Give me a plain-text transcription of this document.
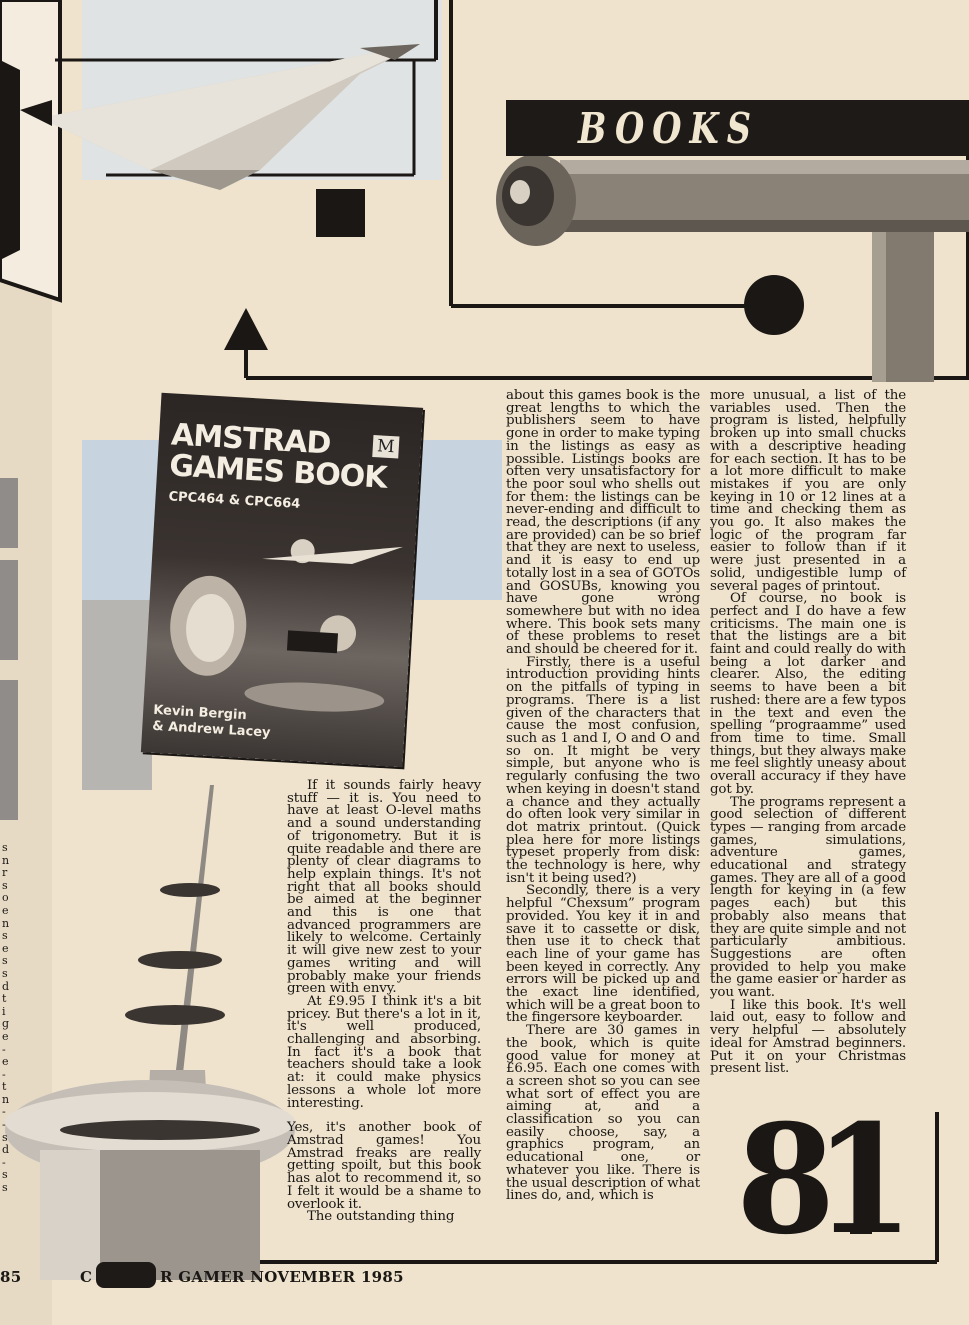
BOOKS
M
AMSTRAD
GAMES BOOK
CPC464 & CPC664
Kevin Bergin
& Andrew Lacey

If it sounds fairly heavy stuff — it is. You need to have at least O-level maths and a sound understanding of trigonometry. But it is quite readable and there are plenty of clear diagrams to help explain things. It's not right that all books should be aimed at the beginner and this is one that advanced programmers are likely to welcome. Certainly it will give new zest to your games writing and will probably make your friends green with envy.

At £9.95 I think it's a bit pricey. But there's a lot in it, it's well produced, challenging and absorbing. In fact it's a book that teachers should take a look at: it could make physics lessons a whole lot more interesting.

Yes, it's another book of Amstrad games! You Amstrad freaks are really getting spoilt, but this book has alot to recommend it, so I felt it would be a shame to overlook it.

The outstanding thing

about this games book is the great lengths to which the publishers seem to have gone in order to make typing in the listings as easy as possible. Listings books are often very unsatisfactory for the poor soul who shells out for them: the listings can be never-ending and difficult to read, the descriptions (if any are provided) can be so brief that they are next to useless, and it is easy to end up totally lost in a sea of GOTOs and GOSUBs, knowing you have gone wrong somewhere but with no idea where. This book sets many of these problems to reset and should be cheered for it.

Firstly, there is a useful introduction providing hints on the pitfalls of typing in programs. There is a list given of the characters that cause the most confusion, such as 1 and I, O and O and so on. It might be very simple, but anyone who is regularly confusing the two when keying in doesn't stand a chance and they actually do often look very similar in dot matrix printout. (Quick plea here for more listings typeset properly from disk: the technology is here, why isn't it being used?)

Secondly, there is a very helpful “Chexsum” program provided. You key it in and save it to cassette or disk, then use it to check that each line of your game has been keyed in correctly. Any errors will be picked up and the exact line identified, which will be a great boon to the fingersore keyboarder.

There are 30 games in the book, which is quite good value for money at £6.95. Each one comes with a screen shot so you can see what sort of effect you are aiming at, and a classification so you can easily choose, say, a graphics program, an educational one, or whatever you like. There is the usual description of what lines do, and, which is

more unusual, a list of the variables used. Then the program is listed, helpfully broken up into small chucks with a descriptive heading for each section. It has to be a lot more difficult to make mistakes if you are only keying in 10 or 12 lines at a time and checking them as you go. It also makes the logic of the program far easier to follow than if it were just presented in a solid, undigestible lump of several pages of printout.

Of course, no book is perfect and I do have a few criticisms. The main one is that the listings are a bit faint and could really do with being a lot darker and clearer. Also, the editing seems to have been a bit rushed: there are a few typos in the text and even the spelling “prograamme” used from time to time. Small things, but they always make me feel slightly uneasy about overall accuracy if they have got by.

The programs represent a good selection of different types — ranging from arcade games, simulations, adventure games, educational and strategy games. They are all of a good length for keying in (a few pages each) but this probably also means that they are quite simple and not particularly ambitious. Suggestions are often provided to help you make the game easier or harder as you want.

I like this book. It's well laid out, easy to follow and very helpful — absolutely ideal for Amstrad beginners. Put it on your Christmas present list.

s
n
r
s
o
e
n
s
e
s
s
d
t
i
g
e
-
e
-
t
n
-
-
s
d
-
s
s	81
85	C	R GAMER NOVEMBER 1985
